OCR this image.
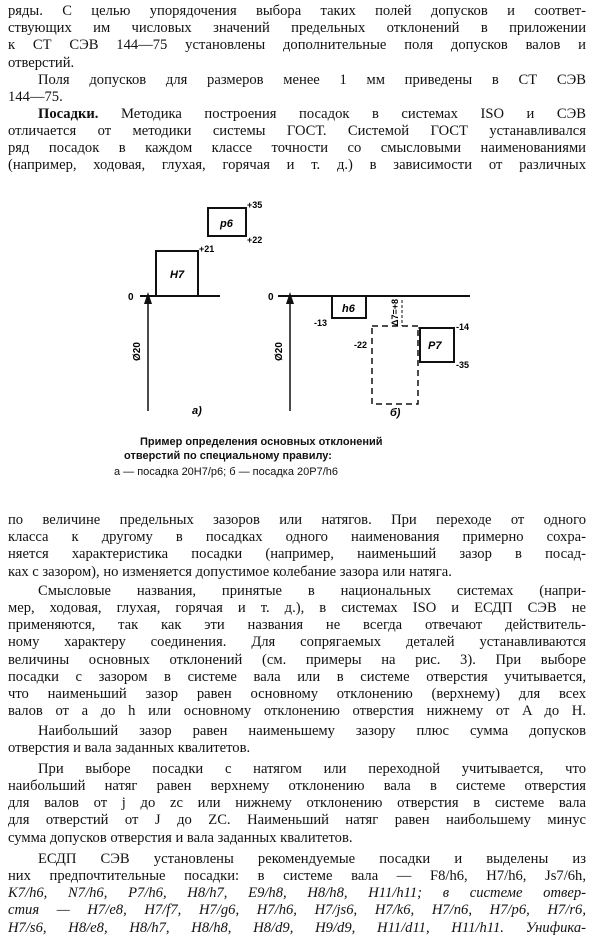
ряды. С целью упорядочения выбора таких полей допусков и соответ-
ствующих им числовых значений предельных отклонений в приложении
к СТ СЭВ 144—75 установлены дополнительные поля допусков валов и
отверстий.

Поля допусков для размеров менее 1 мм приведены в СТ СЭВ

144—75.

Посадки. Методика построения посадок в системах ISO и СЭВ

отличается от методики системы ГОСТ. Системой ГОСТ устанавливался
ряд посадок в каждом классе точности со смысловыми наименованиями
(например, ходовая, глухая, горячая и т. д.) в зависимости от различных

H7
p6
+35
+22
+21
0
Ø20
a)
h6
P7
-13	-14
-22
-35
Δ7=+8
0
Ø20
б)
Пример определения основных отклонений
отверстий по специальному правилу:
а — посадка 20H7/p6; б — посадка 20P7/h6

по величине предельных зазоров или натягов. При переходе от одного
класса к другому в посадках одного наименования примерно сохра-
няется характеристика посадки (например, наименьший зазор в посад-
ках с зазором), но изменяется допустимое колебание зазора или натяга.

Смысловые названия, принятые в национальных системах (напри-

мер, ходовая, глухая, горячая и т. д.), в системах ISO и ЕСДП СЭВ не
применяются, так как эти названия не всегда отвечают действитель-
ному характеру соединения. Для сопрягаемых деталей устанавливаются
величины основных отклонений (см. примеры на рис. 3). При выборе
посадки с зазором в системе вала или в системе отверстия учитывается,
что наименьший зазор равен основному отклонению (верхнему) для всех
валов от a до h или основному отклонению отверстия нижнему от A до H.

Наибольший зазор равен наименьшему зазору плюс сумма допусков

отверстия и вала заданных квалитетов.

При выборе посадки с натягом или переходной учитывается, что

наибольший натяг равен верхнему отклонению вала в системе отверстия
для валов от j до zc или нижнему отклонению отверстия в системе вала
для отверстий от J до ZC. Наименьший натяг равен наибольшему минус
сумма допусков отверстия и вала заданных квалитетов.

ЕСДП СЭВ установлены рекомендуемые посадки и выделены из

них предпочтительные посадки: в системе вала — F8/h6, H7/h6, Js7/6h,
K7/h6, N7/h6, P7/h6, H8/h7, E9/h8, H8/h8, H11/h11; в системе отвер-
стия — H7/e8, H7/f7, H7/g6, H7/h6, H7/js6, H7/k6, H7/n6, H7/p6, H7/r6,
H7/s6, H8/e8, H8/h7, H8/h8, H8/d9, H9/d9, H11/d11, H11/h11. Унифика-
